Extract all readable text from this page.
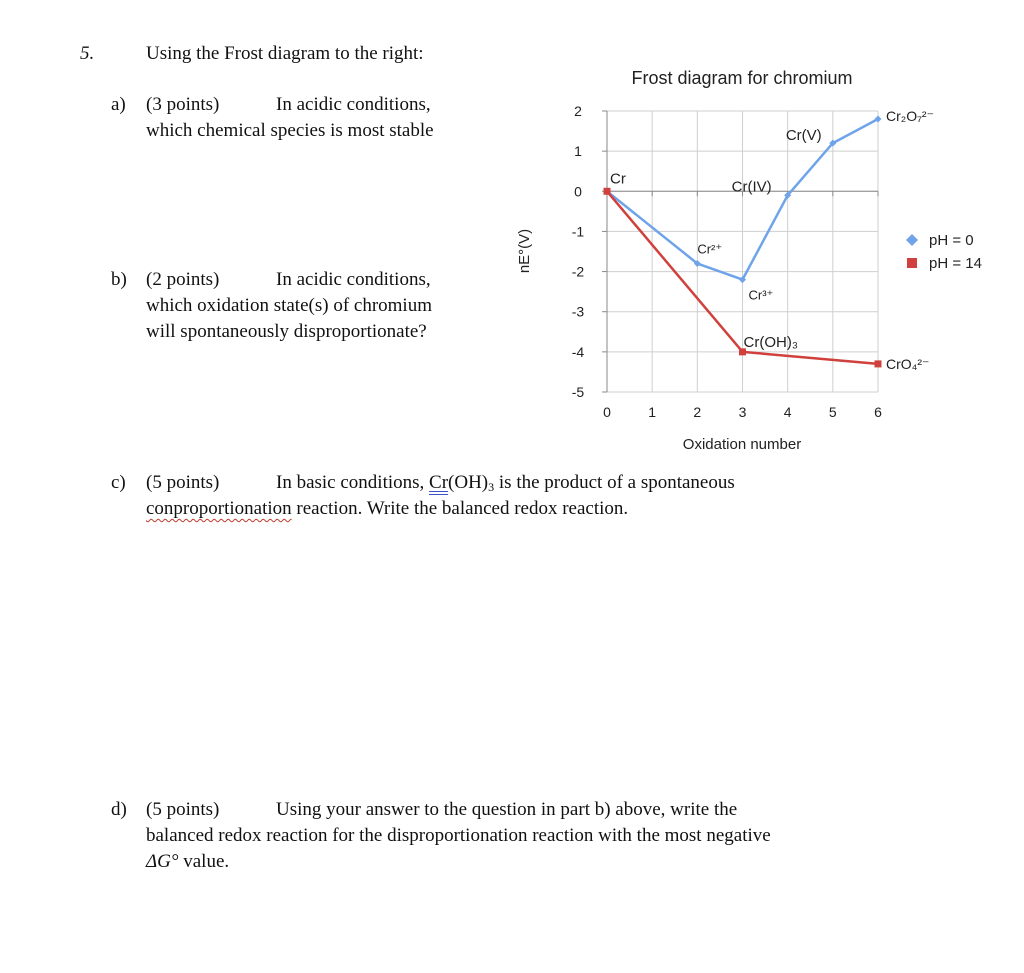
5.	Using the Frost diagram to the right:
a) (3 points)	In acidic conditions,
which chemical species is most stable
b) (2 points)	In acidic conditions,
which oxidation state(s) of chromium
will spontaneously disproportionate?
c) (5 points)	In basic conditions, $Cr(OH)_3$ is the product of a spontaneous
conproportionation reaction. Write the balanced redox reaction.
d) (5 points)	Using your answer to the question in part b) above, write the
balanced redox reaction for the disproportionation reaction with the most negative
ΔG° value.
2
1
0
-1
-2
-3
-4
-5
0	1	2	3	4	5	6
Frost diagram for chromium
Oxidation number
nE°(V)
Cr
Cr²⁺
Cr³⁺
Cr(IV)
Cr(V)
Cr₂O₇²⁻
Cr(OH)₃
CrO₄²⁻
pH = 0
pH = 14
